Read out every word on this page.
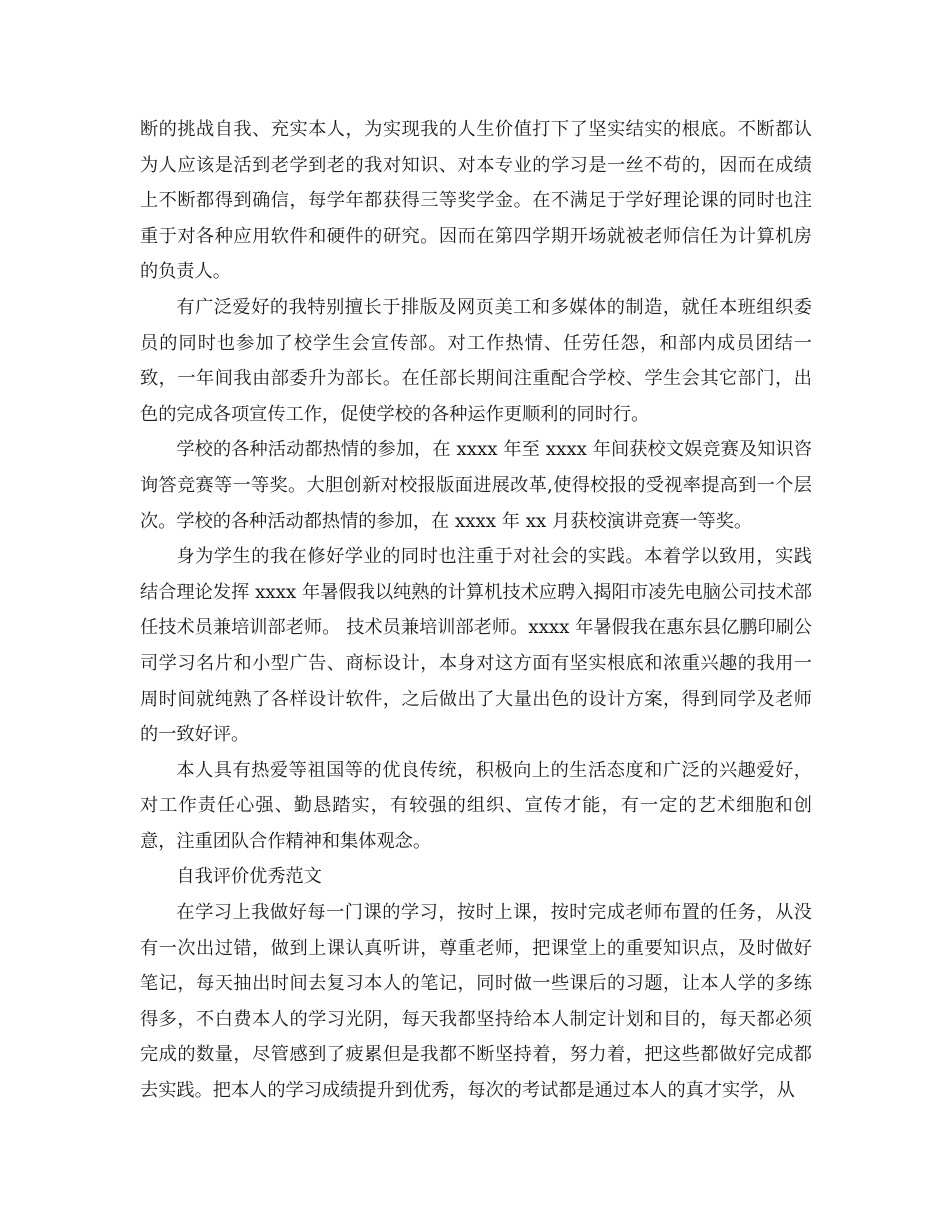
断的挑战自我、充实本人，为实现我的人生价值打下了坚实结实的根底。不断都认为人应该是活到老学到老的我对知识、对本专业的学习是一丝不苟的，因而在成绩上不断都得到确信，每学年都获得三等奖学金。在不满足于学好理论课的同时也注重于对各种应用软件和硬件的研究。因而在第四学期开场就被老师信任为计算机房的负责人。

有广泛爱好的我特别擅长于排版及网页美工和多媒体的制造，就任本班组织委员的同时也参加了校学生会宣传部。对工作热情、任劳任怨，和部内成员团结一致，一年间我由部委升为部长。在任部长期间注重配合学校、学生会其它部门，出色的完成各项宣传工作，促使学校的各种运作更顺利的同时行。

学校的各种活动都热情的参加，在 xxxx 年至 xxxx 年间获校文娱竞赛及知识咨询答竞赛等一等奖。大胆创新对校报版面进展改革,使得校报的受视率提高到一个层次。学校的各种活动都热情的参加，在 xxxx 年 xx 月获校演讲竞赛一等奖。

身为学生的我在修好学业的同时也注重于对社会的实践。本着学以致用，实践结合理论发挥 xxxx 年暑假我以纯熟的计算机技术应聘入揭阳市凌先电脑公司技术部任技术员兼培训部老师。 技术员兼培训部老师。xxxx 年暑假我在惠东县亿鹏印刷公司学习名片和小型广告、商标设计，本身对这方面有坚实根底和浓重兴趣的我用一周时间就纯熟了各样设计软件，之后做出了大量出色的设计方案，得到同学及老师的一致好评。

本人具有热爱等祖国等的优良传统，积极向上的生活态度和广泛的兴趣爱好，对工作责任心强、勤恳踏实，有较强的组织、宣传才能，有一定的艺术细胞和创意，注重团队合作精神和集体观念。

自我评价优秀范文

在学习上我做好每一门课的学习，按时上课，按时完成老师布置的任务，从没有一次出过错，做到上课认真听讲，尊重老师，把课堂上的重要知识点，及时做好笔记，每天抽出时间去复习本人的笔记，同时做一些课后的习题，让本人学的多练得多，不白费本人的学习光阴，每天我都坚持给本人制定计划和目的，每天都必须完成的数量，尽管感到了疲累但是我都不断坚持着，努力着，把这些都做好完成都去实践。把本人的学习成绩提升到优秀，每次的考试都是通过本人的真才实学，从
